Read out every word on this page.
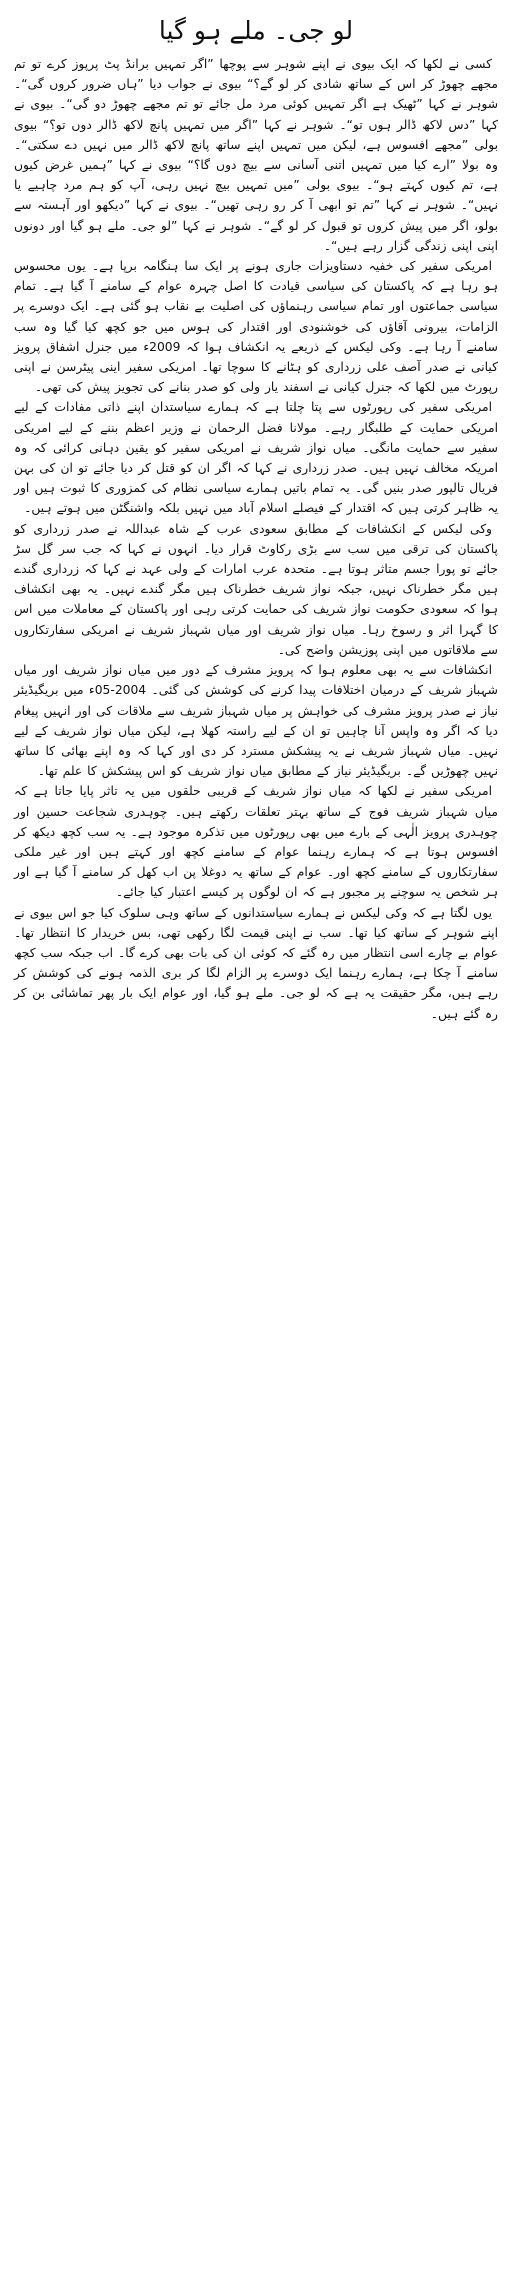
لو جی۔ ملے ہو گیا

کسی نے لکھا کہ ایک بیوی نے اپنے شوہر سے پوچھا ”اگر تمہیں برانڈ پٹ پرپوز کرے تو تم مجھے چھوڑ کر اس کے ساتھ شادی کر لو گے؟“ بیوی نے جواب دیا ”ہاں ضرور کروں گی“۔ شوہر نے کہا ”ٹھیک ہے اگر تمہیں کوئی مرد مل جائے تو تم مجھے چھوڑ دو گی“۔ بیوی نے کہا ”دس لاکھ ڈالر ہوں تو“۔ شوہر نے کہا ”اگر میں تمہیں پانچ لاکھ ڈالر دوں تو؟“ بیوی بولی ”مجھے افسوس ہے، لیکن میں تمہیں اپنے ساتھ پانچ لاکھ ڈالر میں نہیں دے سکتی“۔ وہ بولا ”ارے کیا میں تمہیں اتنی آسانی سے بیچ دوں گا؟“ بیوی نے کہا ”ہمیں غرض کیوں ہے، تم کیوں کہتے ہو“۔ بیوی بولی ”میں تمہیں بیچ نہیں رہی، آپ کو ہم مرد چاہیے یا نہیں“۔ شوہر نے کہا ”تم تو ابھی آ کر رو رہی تھیں“۔ بیوی نے کہا ”دیکھو اور آہستہ سے بولو، اگر میں پیش کروں تو قبول کر لو گے“۔ شوہر نے کہا ”لو جی۔ ملے ہو گیا اور دونوں اپنی اپنی زندگی گزار رہے ہیں“۔

امریکی سفیر کی خفیہ دستاویزات جاری ہونے پر ایک سا ہنگامہ برپا ہے۔ یوں محسوس ہو رہا ہے کہ پاکستان کی سیاسی قیادت کا اصل چہرہ عوام کے سامنے آ گیا ہے۔ تمام سیاسی جماعتوں اور تمام سیاسی رہنماؤں کی اصلیت بے نقاب ہو گئی ہے۔ ایک دوسرے پر الزامات، بیرونی آقاؤں کی خوشنودی اور اقتدار کی ہوس میں جو کچھ کیا گیا وہ سب سامنے آ رہا ہے۔ وکی لیکس کے ذریعے یہ انکشاف ہوا کہ 2009ء میں جنرل اشفاق پرویز کیانی نے صدر آصف علی زرداری کو ہٹانے کا سوچا تھا۔ امریکی سفیر اینی پیٹرسن نے اپنی رپورٹ میں لکھا کہ جنرل کیانی نے اسفند یار ولی کو صدر بنانے کی تجویز پیش کی تھی۔

امریکی سفیر کی رپورٹوں سے پتا چلتا ہے کہ ہمارے سیاستدان اپنے ذاتی مفادات کے لیے امریکی حمایت کے طلبگار رہے۔ مولانا فضل الرحمان نے وزیر اعظم بننے کے لیے امریکی سفیر سے حمایت مانگی۔ میاں نواز شریف نے امریکی سفیر کو یقین دہانی کرائی کہ وہ امریکہ مخالف نہیں ہیں۔ صدر زرداری نے کہا کہ اگر ان کو قتل کر دیا جائے تو ان کی بہن فریال تالپور صدر بنیں گی۔ یہ تمام باتیں ہمارے سیاسی نظام کی کمزوری کا ثبوت ہیں اور یہ ظاہر کرتی ہیں کہ اقتدار کے فیصلے اسلام آباد میں نہیں بلکہ واشنگٹن میں ہوتے ہیں۔

وکی لیکس کے انکشافات کے مطابق سعودی عرب کے شاہ عبداللہ نے صدر زرداری کو پاکستان کی ترقی میں سب سے بڑی رکاوٹ قرار دیا۔ انہوں نے کہا کہ جب سر گل سڑ جائے تو پورا جسم متاثر ہوتا ہے۔ متحدہ عرب امارات کے ولی عہد نے کہا کہ زرداری گندے ہیں مگر خطرناک نہیں، جبکہ نواز شریف خطرناک ہیں مگر گندے نہیں۔ یہ بھی انکشاف ہوا کہ سعودی حکومت نواز شریف کی حمایت کرتی رہی اور پاکستان کے معاملات میں اس کا گہرا اثر و رسوخ رہا۔ میاں نواز شریف اور میاں شہباز شریف نے امریکی سفارتکاروں سے ملاقاتوں میں اپنی پوزیشن واضح کی۔

انکشافات سے یہ بھی معلوم ہوا کہ پرویز مشرف کے دور میں میاں نواز شریف اور میاں شہباز شریف کے درمیان اختلافات پیدا کرنے کی کوشش کی گئی۔ 2004-05ء میں بریگیڈیئر نیاز نے صدر پرویز مشرف کی خواہش پر میاں شہباز شریف سے ملاقات کی اور انہیں پیغام دیا کہ اگر وہ واپس آنا چاہیں تو ان کے لیے راستہ کھلا ہے، لیکن میاں نواز شریف کے لیے نہیں۔ میاں شہباز شریف نے یہ پیشکش مسترد کر دی اور کہا کہ وہ اپنے بھائی کا ساتھ نہیں چھوڑیں گے۔ بریگیڈیئر نیاز کے مطابق میاں نواز شریف کو اس پیشکش کا علم تھا۔

امریکی سفیر نے لکھا کہ میاں نواز شریف کے قریبی حلقوں میں یہ تاثر پایا جاتا ہے کہ میاں شہباز شریف فوج کے ساتھ بہتر تعلقات رکھتے ہیں۔ چوہدری شجاعت حسین اور چوہدری پرویز الٰہی کے بارے میں بھی رپورٹوں میں تذکرہ موجود ہے۔ یہ سب کچھ دیکھ کر افسوس ہوتا ہے کہ ہمارے رہنما عوام کے سامنے کچھ اور کہتے ہیں اور غیر ملکی سفارتکاروں کے سامنے کچھ اور۔ عوام کے ساتھ یہ دوغلا پن اب کھل کر سامنے آ گیا ہے اور ہر شخص یہ سوچنے پر مجبور ہے کہ ان لوگوں پر کیسے اعتبار کیا جائے۔

یوں لگتا ہے کہ وکی لیکس نے ہمارے سیاستدانوں کے ساتھ وہی سلوک کیا جو اس بیوی نے اپنے شوہر کے ساتھ کیا تھا۔ سب نے اپنی قیمت لگا رکھی تھی، بس خریدار کا انتظار تھا۔ عوام بے چارے اسی انتظار میں رہ گئے کہ کوئی ان کی بات بھی کرے گا۔ اب جبکہ سب کچھ سامنے آ چکا ہے، ہمارے رہنما ایک دوسرے پر الزام لگا کر بری الذمہ ہونے کی کوشش کر رہے ہیں، مگر حقیقت یہ ہے کہ لو جی۔ ملے ہو گیا، اور عوام ایک بار پھر تماشائی بن کر رہ گئے ہیں۔
